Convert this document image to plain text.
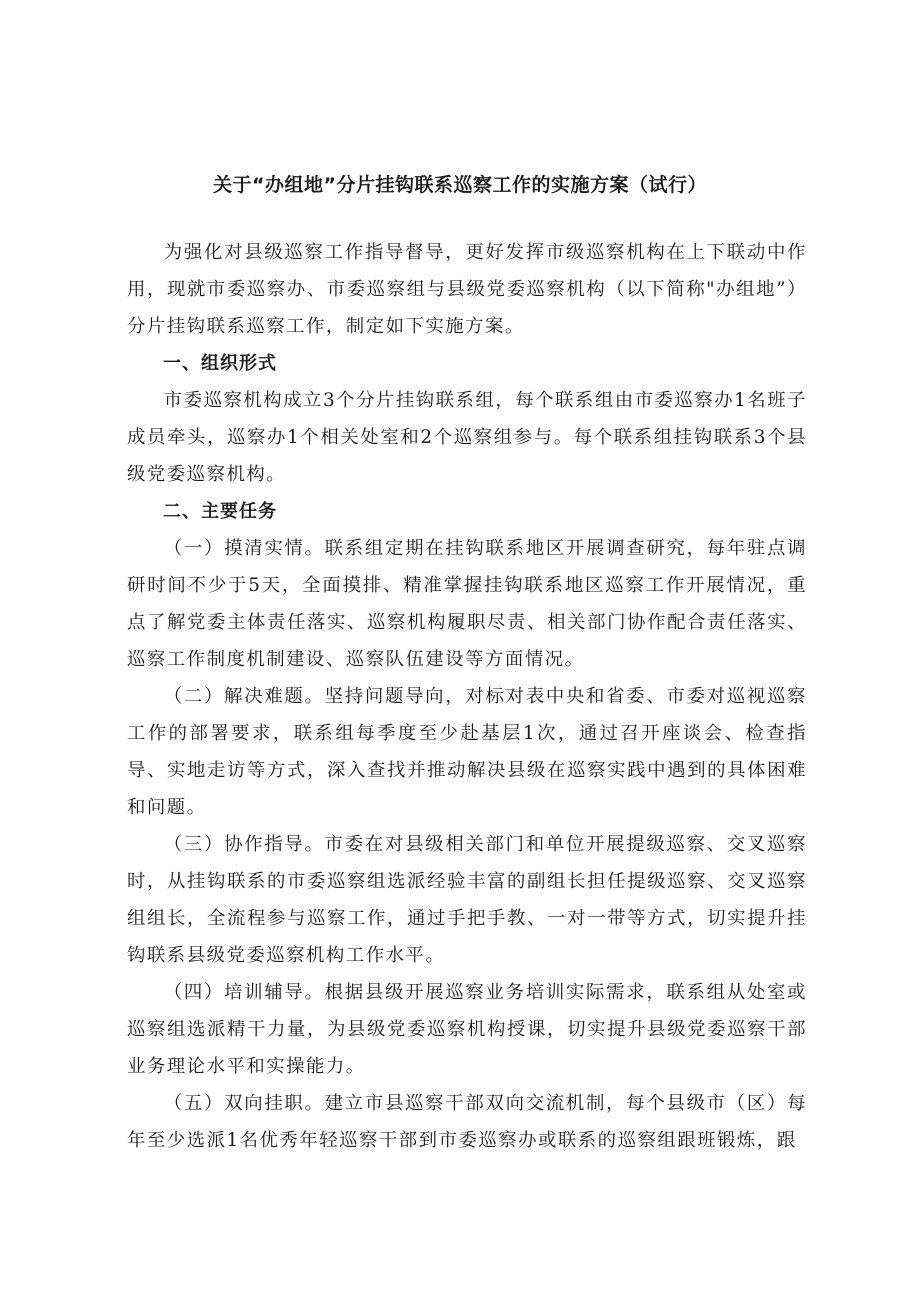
关于“办组地”分片挂钩联系巡察工作的实施方案（试行）

为强化对县级巡察工作指导督导，更好发挥市级巡察机构在上下联动中作用，现就市委巡察办、市委巡察组与县级党委巡察机构（以下简称"办组地”）分片挂钩联系巡察工作，制定如下实施方案。

一、组织形式

市委巡察机构成立3个分片挂钩联系组，每个联系组由市委巡察办1名班子成员牵头，巡察办1个相关处室和2个巡察组参与。每个联系组挂钩联系3个县级党委巡察机构。

二、主要任务

（一）摸清实情。联系组定期在挂钩联系地区开展调查研究，每年驻点调研时间不少于5天，全面摸排、精准掌握挂钩联系地区巡察工作开展情况，重点了解党委主体责任落实、巡察机构履职尽责、相关部门协作配合责任落实、巡察工作制度机制建设、巡察队伍建设等方面情况。

（二）解决难题。坚持问题导向，对标对表中央和省委、市委对巡视巡察工作的部署要求，联系组每季度至少赴基层1次，通过召开座谈会、检查指导、实地走访等方式，深入查找并推动解决县级在巡察实践中遇到的具体困难和问题。

（三）协作指导。市委在对县级相关部门和单位开展提级巡察、交叉巡察时，从挂钩联系的市委巡察组选派经验丰富的副组长担任提级巡察、交叉巡察组组长，全流程参与巡察工作，通过手把手教、一对一带等方式，切实提升挂钩联系县级党委巡察机构工作水平。

（四）培训辅导。根据县级开展巡察业务培训实际需求，联系组从处室或巡察组选派精干力量，为县级党委巡察机构授课，切实提升县级党委巡察干部业务理论水平和实操能力。

（五）双向挂职。建立市县巡察干部双向交流机制，每个县级市（区）每年至少选派1名优秀年轻巡察干部到市委巡察办或联系的巡察组跟班锻炼，跟
